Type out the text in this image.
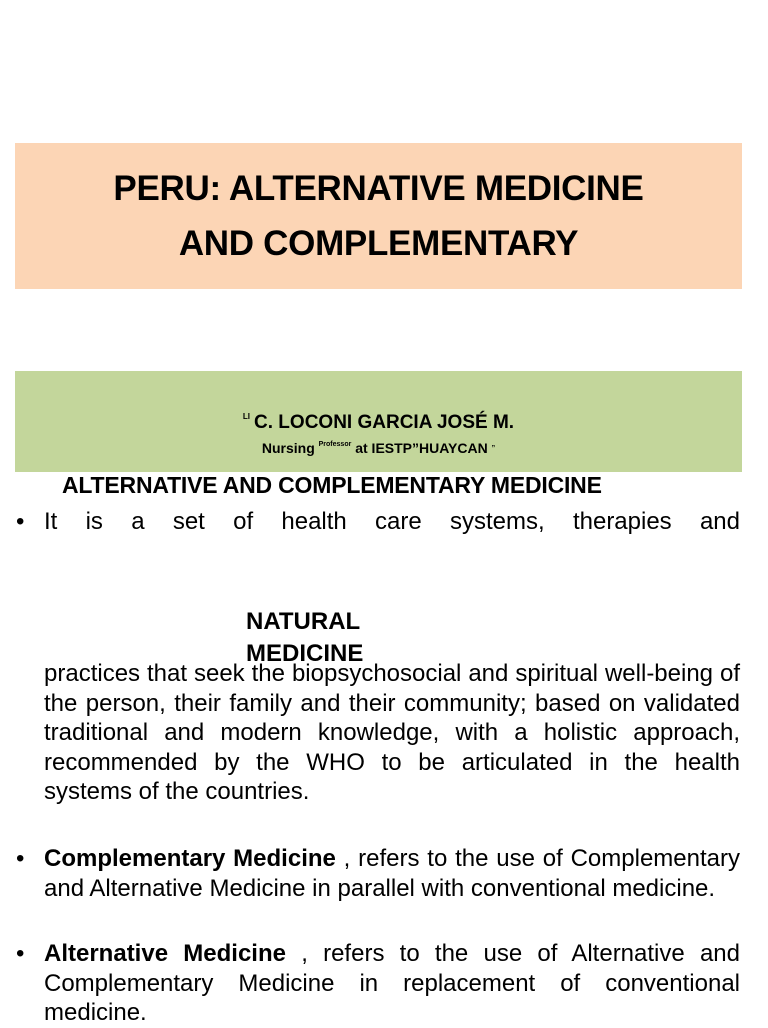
PERU: ALTERNATIVE MEDICINE
AND COMPLEMENTARY
$^{LI}$ C. LOCONI GARCIA JOSÉ M.
Nursing $^{Professor}$ at IESTP”HUAYCAN „
ALTERNATIVE AND COMPLEMENTARY MEDICINE
• It is a set of health care systems, therapies and
NATURAL
MEDICINE
practices that seek the biopsychosocial and spiritual well-being of the person, their family and their community; based on validated traditional and modern knowledge, with a holistic approach, recommended by the WHO to be articulated in the health systems of the countries.
• Complementary Medicine , refers to the use of Complementary and Alternative Medicine in parallel with conventional medicine.
• Alternative Medicine , refers to the use of Alternative and Complementary Medicine in replacement of conventional medicine.
